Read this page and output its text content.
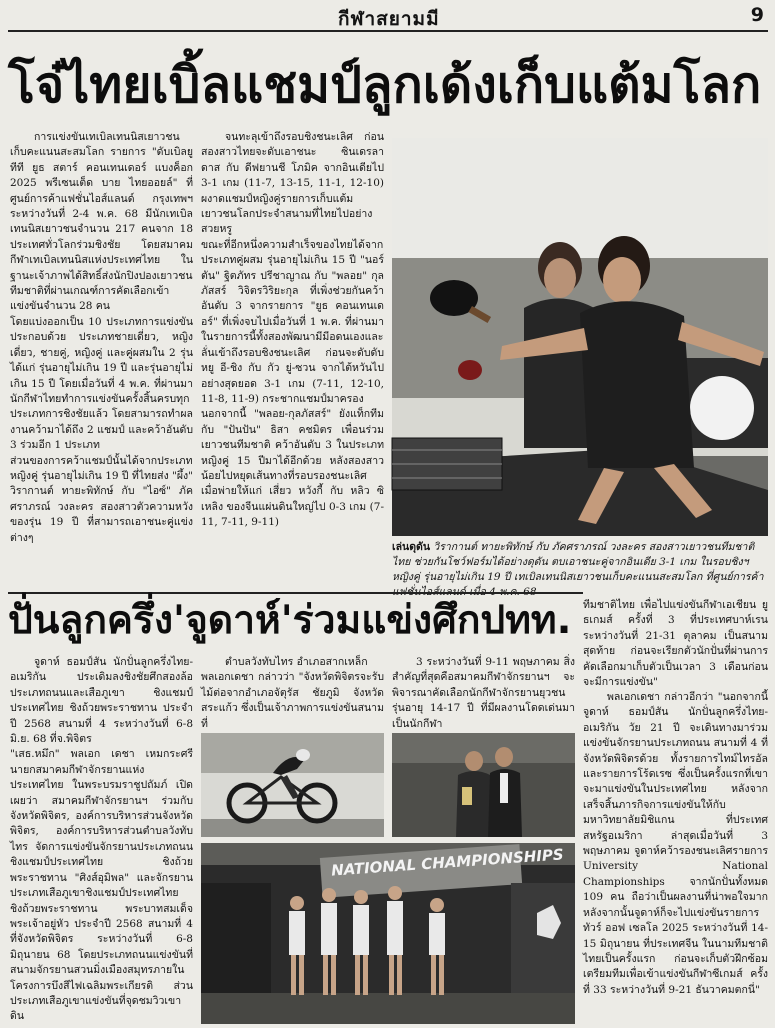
กีฬาสยามมี	9
โจ๋ไทยเบิ้ลแชมป์ลูกเด้งเก็บแต้มโลก
การแข่งขันเทเบิลเทนนิสเยาวชนเก็บคะแนนสะสมโลก รายการ "ดับเบิลยูทีที ยูธ สตาร์ คอนเทนเดอร์ แบงค็อก 2025 พรีเซนเต็ด บาย ไทยออยล์" ที่ศูนย์การค้าแฟชั่นไอส์แลนด์ กรุงเทพฯ ระหว่างวันที่ 2-4 พ.ค. 68 มีนักเทเบิลเทนนิสเยาวชนจำนวน 217 คนจาก 18 ประเทศทั่วโลกร่วมชิงชัย โดยสมาคมกีฬาเทเบิลเทนนิสแห่งประเทศไทย ในฐานะเจ้าภาพได้สิทธิ์ส่งนักปิงปองเยาวชนทีมชาติที่ผ่านเกณฑ์การคัดเลือกเข้าแข่งขันจำนวน 28 คน
โดยแบ่งออกเป็น 10 ประเภทการแข่งขัน ประกอบด้วย ประเภทชายเดี่ยว, หญิงเดี่ยว, ชายคู่, หญิงคู่ และคู่ผสมใน 2 รุ่น ได้แก่ รุ่นอายุไม่เกิน 19 ปี และรุ่นอายุไม่เกิน 15 ปี โดยเมื่อวันที่ 4 พ.ค. ที่ผ่านมา นักกีฬาไทยทำการแข่งขันครั้งสิ้นครบทุกประเภทการชิงชัยแล้ว โดยสามารถทำผลงานคว้ามาได้ถึง 2 แชมป์ และคว้าอันดับ 3 ร่วมอีก 1 ประเภท
ส่วนของการคว้าแชมป์นั้นได้จากประเภทหญิงคู่ รุ่นอายุไม่เกิน 19 ปี ที่ไทยส่ง "ผึ้ง" วิรากานต์ ทายะพิทักษ์ กับ "ไอซ์" ภัคศราภรณ์ วงละคร สองสาวตัวความหวังของรุ่น 19 ปี ที่สามารถเอาชนะคู่แข่งต่างๆ
จนทะลุเข้าถึงรอบชิงชนะเลิศ ก่อนสองสาวไทยจะดับเอาชนะ ซินเดรลา ดาส กับ ดีฟยานชี โภมิค จากอินเดียไป 3-1 เกม (11-7, 13-15, 11-1, 12-10) ผงาดแชมป์หญิงคู่รายการเก็บแต้มเยาวชนโลกประจำสนามที่ไทยไปอย่างสวยหรู
ขณะที่อีกหนึ่งความสำเร็จของไทยได้จากประเภทคู่ผสม รุ่นอายุไม่เกิน 15 ปี "นอร์ตัน" ฐิตภัทร ปรีชาญาณ กับ "พลอย" กุลภัสสร์ วิจิตรวิริยะกุล ที่เพิ่งช่วยกันคว้าอันดับ 3 จากรายการ "ยูธ คอนเทนเดอร์" ที่เพิ่งจบไปเมื่อวันที่ 1 พ.ค. ที่ผ่านมา ในรายการนี้ทั้งสองพัฒนามีมีอดนเองและลั่นเข้าถึงรอบชิงชนะเลิศ ก่อนจะดับดับ หยู อี-ชิง กับ กัว ยู่-ซวน จากไต้หวันไปอย่างสุดยอด 3-1 เกม (7-11, 12-10, 11-8, 11-9) กระชากแชมป์มาครอง
นอกจากนี้ "พลอย-กุลภัสสร์" ยังแท็กทีมกับ "ปันปัน" ธิสา คชมิตร เพื่อนร่วมเยาวชนทีมชาติ คว้าอันดับ 3 ในประเภทหญิงคู่ 15 ปีมาได้อีกด้วย หลังสองสาวน้อยไปหยุดเส้นทางที่รอบรองชนะเลิศ เมื่อพ่ายให้แก่ เสี่ยว หวังกี้ กับ หลิว ซิเหลิง ของจีนแผ่นดินใหญ่ไป 0-3 เกม (7-11, 7-11, 9-11)
เล่นดุดัน วิรากานต์ ทายะพิทักษ์ กับ ภัคศราภรณ์ วงละคร สองสาวเยาวชนทีมชาติไทย ช่วยกันโชว์ฟอร์มได้อย่างดุดัน ตบเอาชนะคู่จากอินเดีย 3-1 เกม ในรอบชิงฯ หญิงคู่ รุ่นอายุไม่เกิน 19 ปี เทเบิลเทนนิสเยาวชนเก็บคะแนนสะสมโลก ที่ศูนย์การค้า
ปั่นลูกครึ่ง'จูดาห์'ร่วมแข่งศึกปทท.
จูดาห์ ธอมป์สัน นักปั่นลูกครึ่งไทย-อเมริกัน ประเดิมลงชิงชัยศึกสองล้อประเภทถนนและเสือภูเขา ชิงแชมป์ประเทศไทย ชิงถ้วยพระราชทาน ประจำปี 2568 สนามที่ 4 ระหว่างวันที่ 6-8 มิ.ย. 68 ที่จ.พิจิตร
"เสธ.หมึก" พลเอก เดชา เหมกระศรี นายกสมาคมกีฬาจักรยานแห่งประเทศไทย ในพระบรมราชูปถัมภ์ เปิดเผยว่า สมาคมกีฬาจักรยานฯ ร่วมกับจังหวัดพิจิตร, องค์การบริหารส่วนจังหวัดพิจิตร, องค์การบริหารส่วนตำบลวังทับไทร จัดการแข่งขันจักรยานประเภทถนนชิงแชมป์ประเทศไทย ชิงถ้วยพระราชทาน "ศิงส์อุมิพล" และจักรยานประเภทเสือภูเขาชิงแชมป์ประเทศไทย ชิงถ้วยพระราชทาน พระบาทสมเด็จพระเจ้าอยู่หัว ประจำปี 2568 สนามที่ 4 ที่จังหวัดพิจิตร ระหว่างวันที่ 6-8 มิถุนายน 68 โดยประเภทถนนแข่งขันที่สนามจักรยานสวนมิ่งเมืองสมุทรภายในโครงการบึงสีไฟเฉลิมพระเกียรติ ส่วนประเภทเสือภูเขาแข่งขันที่จุดชมวิวเขาดิน
ตำบลวังทับไทร อำเภอสากเหล็ก
พลเอกเดชา กล่าวว่า "จังหวัดพิจิตรจะรับไม้ต่อจากอำเภอจัตุรัส ชัยภูมิ จังหวัดสระแก้ว ซึ่งเป็นเจ้าภาพการแข่งขันสนามที่
3 ระหว่างวันที่ 9-11 พฤษภาคม สิ่งสำคัญที่สุดคือสมาคมกีฬาจักรยานฯ จะพิจารณาคัดเลือกนักกีฬาจักรยานยุวชนรุ่นอายุ 14-17 ปี ที่มีผลงานโดดเด่นมาเป็นนักกีฬา
ทีมชาติไทย เพื่อไปแข่งขันกีฬาเอเชียน ยูธเกมส์ ครั้งที่ 3 ที่ประเทศบาห์เรน ระหว่างวันที่ 21-31 ตุลาคม เป็นสนามสุดท้าย ก่อนจะเรียกตัวนักปั่นที่ผ่านการคัดเลือกมาเก็บตัวเป็นเวลา 3 เดือนก่อนจะมีการแข่งขัน"
พลเอกเดชา กล่าวอีกว่า "นอกจากนี้ จูดาห์ ธอมป์สัน นักปั่นลูกครึ่งไทย-อเมริกัน วัย 21 ปี จะเดินทางมาร่วมแข่งขันจักรยานประเภทถนน สนามที่ 4 ที่จังหวัดพิจิตรด้วย ทั้งรายการไทม์ไทรอัล และรายการโร้ดเรซ ซึ่งเป็นครั้งแรกที่เขาจะมาแข่งขันในประเทศไทย หลังจากเสร็จสิ้นภารกิจการแข่งขันให้กับมหาวิทยาลัยมิชิแกน ที่ประเทศสหรัฐอเมริกา ล่าสุดเมื่อวันที่ 3 พฤษภาคม จูดาห์คว้ารองชนะเลิศรายการ University National Championships จากนักปั่นทั้งหมด 109 คน ถือว่าเป็นผลงานที่น่าพอใจมาก หลังจากนั้นจูดาห์ก็จะไปแข่งขันรายการทัวร์ ออฟ เซลโล 2025 ระหว่างวันที่ 14-15 มิถุนายน ที่ประเทศจีน ในนามทีมชาติไทยเป็นครั้งแรก ก่อนจะเก็บตัวฝึกซ้อมเตรียมทีมเพื่อเข้าแข่งขันกีฬาซีเกมส์ ครั้งที่ 33 ระหว่างวันที่ 9-21 ธันวาคมตกนี่"
NATIONAL CHAMPIONSHIPS
